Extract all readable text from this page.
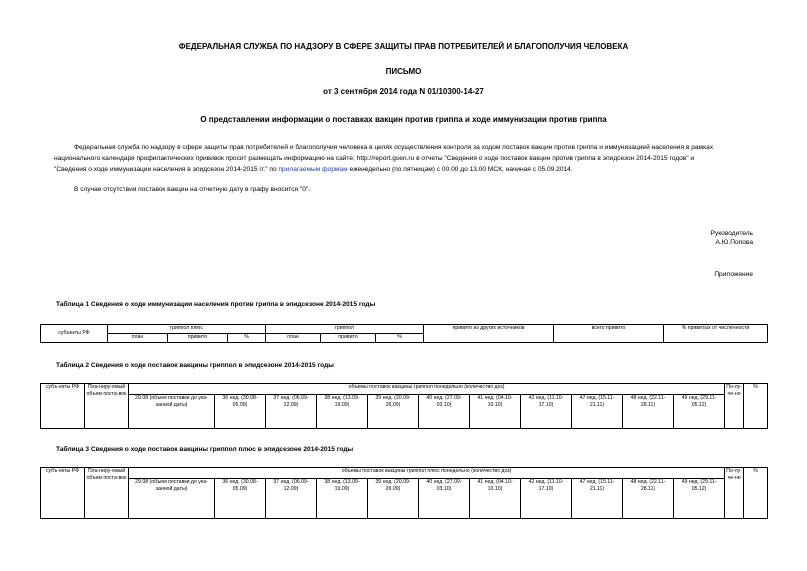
ФЕДЕРАЛЬНАЯ СЛУЖБА ПО НАДЗОРУ В СФЕРЕ ЗАЩИТЫ ПРАВ ПОТРЕБИТЕЛЕЙ И БЛАГОПОЛУЧИЯ ЧЕЛОВЕКА
ПИСЬМО
от 3 сентября 2014 года N 01/10300-14-27
О представлении информации о поставках вакцин против гриппа и ходе иммунизации против гриппа
Федеральная служба по надзору в сфере защиты прав потребителей и благополучия человека в целях осуществления контроля за ходом поставок вакцин против гриппа и иммунизацией населения в рамках
национального календаря профилактических прививок просит размещать информацию на сайте: http://report.gsen.ru в отчеты "Сведения о ходе поставок вакцин против гриппа в эпидсезон 2014-2015 годов" и
"Сведения о ходе иммунизации населения в эпидсезон 2014-2015 гг." по прилагаемым формам еженедельно (по пятницам) с 00.00 до 13.00 МСК, начиная с 05.09.2014.
В случае отсутствия поставок вакцин на отчетную дату в графу вносится "0".
Руководитель
А.Ю.Попова
Приложение
Таблица 1 Сведения о ходе иммунизации населения против гриппа в эпидсезоне 2014-2015 годы
субъекты РФ	гриппол плюс			гриппол			привито из других источников	всего привито	% привитых от численности
	план	привито	%	план	привито	%			
Таблица 2 Сведения о ходе поставок вакцины гриппол в эпидсезоне 2014-2015 годы
субъ-екты РФ	Пла-ниру-емый объем поста-вок	объемы поставок вакцины гриппол понедельно (количество доз)											По-лу-че-но	%
		29.08 (объем поставки до ука-занной даты)	36 нед. (30.08-05.09)	37 нед. (06.09-12.09)	38 нед. (13.09-19.09)	39 нед. (20.09-26.09)	40 нед. (27.09-03.10)	41 нед. (04.10-10.10)	42 нед. (11.10-17.10)	47 нед. (15.11-21.11)	48 нед. (22.11-28.11)	49 нед. (29.11-05.12)		
Таблица 3 Сведения о ходе поставок вакцины гриппол плюс в эпидсезоне 2014-2015 годы
субъ-екты РФ	Пла-ниру-емый объем поста-вок	объемы поставок вакцины гриппол плюс понедельно (количество доз)											По-лу-че-но	%
		29.08 (объем поставки до ука-занной даты)	36 нед. (30.08-05.09)	37 нед. (06.09-12.09)	38 нед. (13.09-19.09)	39 нед. (20.09-26.09)	40 нед. (27.09-03.10)	41 нед. (04.10-10.10)	42 нед. (11.10-17.10)	47 нед. (15.11-21.11)	48 нед. (22.11-28.11)	49 нед. (29.11-05.12)		
